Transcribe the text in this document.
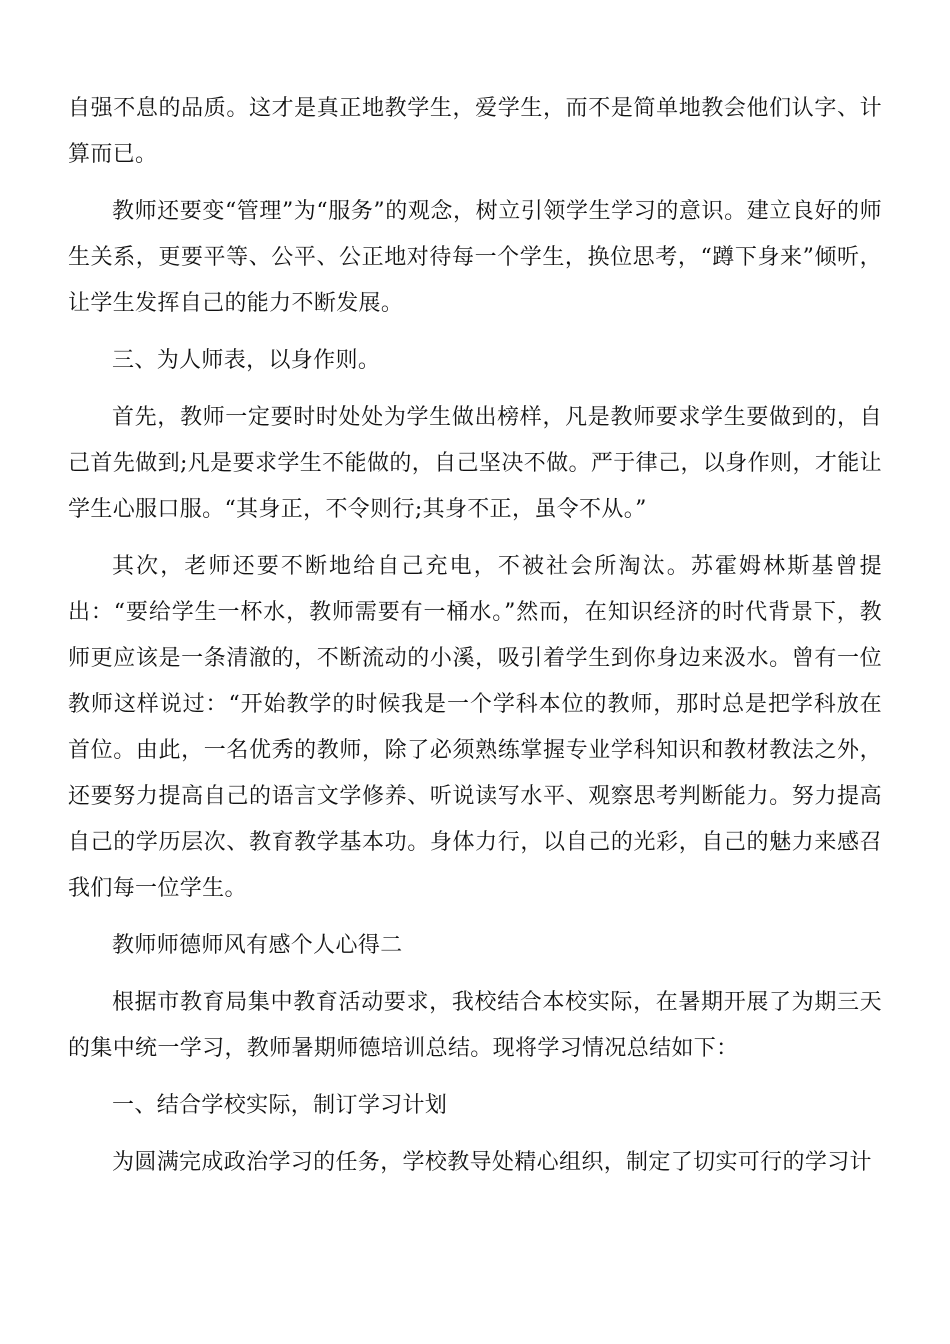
自强不息的品质。这才是真正地教学生，爱学生，而不是简单地教会他们认字、计算而已。

教师还要变“管理”为“服务”的观念，树立引领学生学习的意识。建立良好的师生关系，更要平等、公平、公正地对待每一个学生，换位思考，“蹲下身来”倾听，让学生发挥自己的能力不断发展。

三、为人师表，以身作则。

首先，教师一定要时时处处为学生做出榜样，凡是教师要求学生要做到的，自己首先做到;凡是要求学生不能做的，自己坚决不做。严于律己，以身作则，才能让学生心服口服。“其身正，不令则行;其身不正，虽令不从。”

其次，老师还要不断地给自己充电，不被社会所淘汰。苏霍姆林斯基曾提出：“要给学生一杯水，教师需要有一桶水。”然而，在知识经济的时代背景下，教师更应该是一条清澈的，不断流动的小溪，吸引着学生到你身边来汲水。曾有一位教师这样说过：“开始教学的时候我是一个学科本位的教师，那时总是把学科放在首位。由此，一名优秀的教师，除了必须熟练掌握专业学科知识和教材教法之外，还要努力提高自己的语言文学修养、听说读写水平、观察思考判断能力。努力提高自己的学历层次、教育教学基本功。身体力行，以自己的光彩，自己的魅力来感召我们每一位学生。

教师师德师风有感个人心得二

根据市教育局集中教育活动要求，我校结合本校实际，在暑期开展了为期三天的集中统一学习，教师暑期师德培训总结。现将学习情况总结如下：

一、结合学校实际，制订学习计划

为圆满完成政治学习的任务，学校教导处精心组织，制定了切实可行的学习计
